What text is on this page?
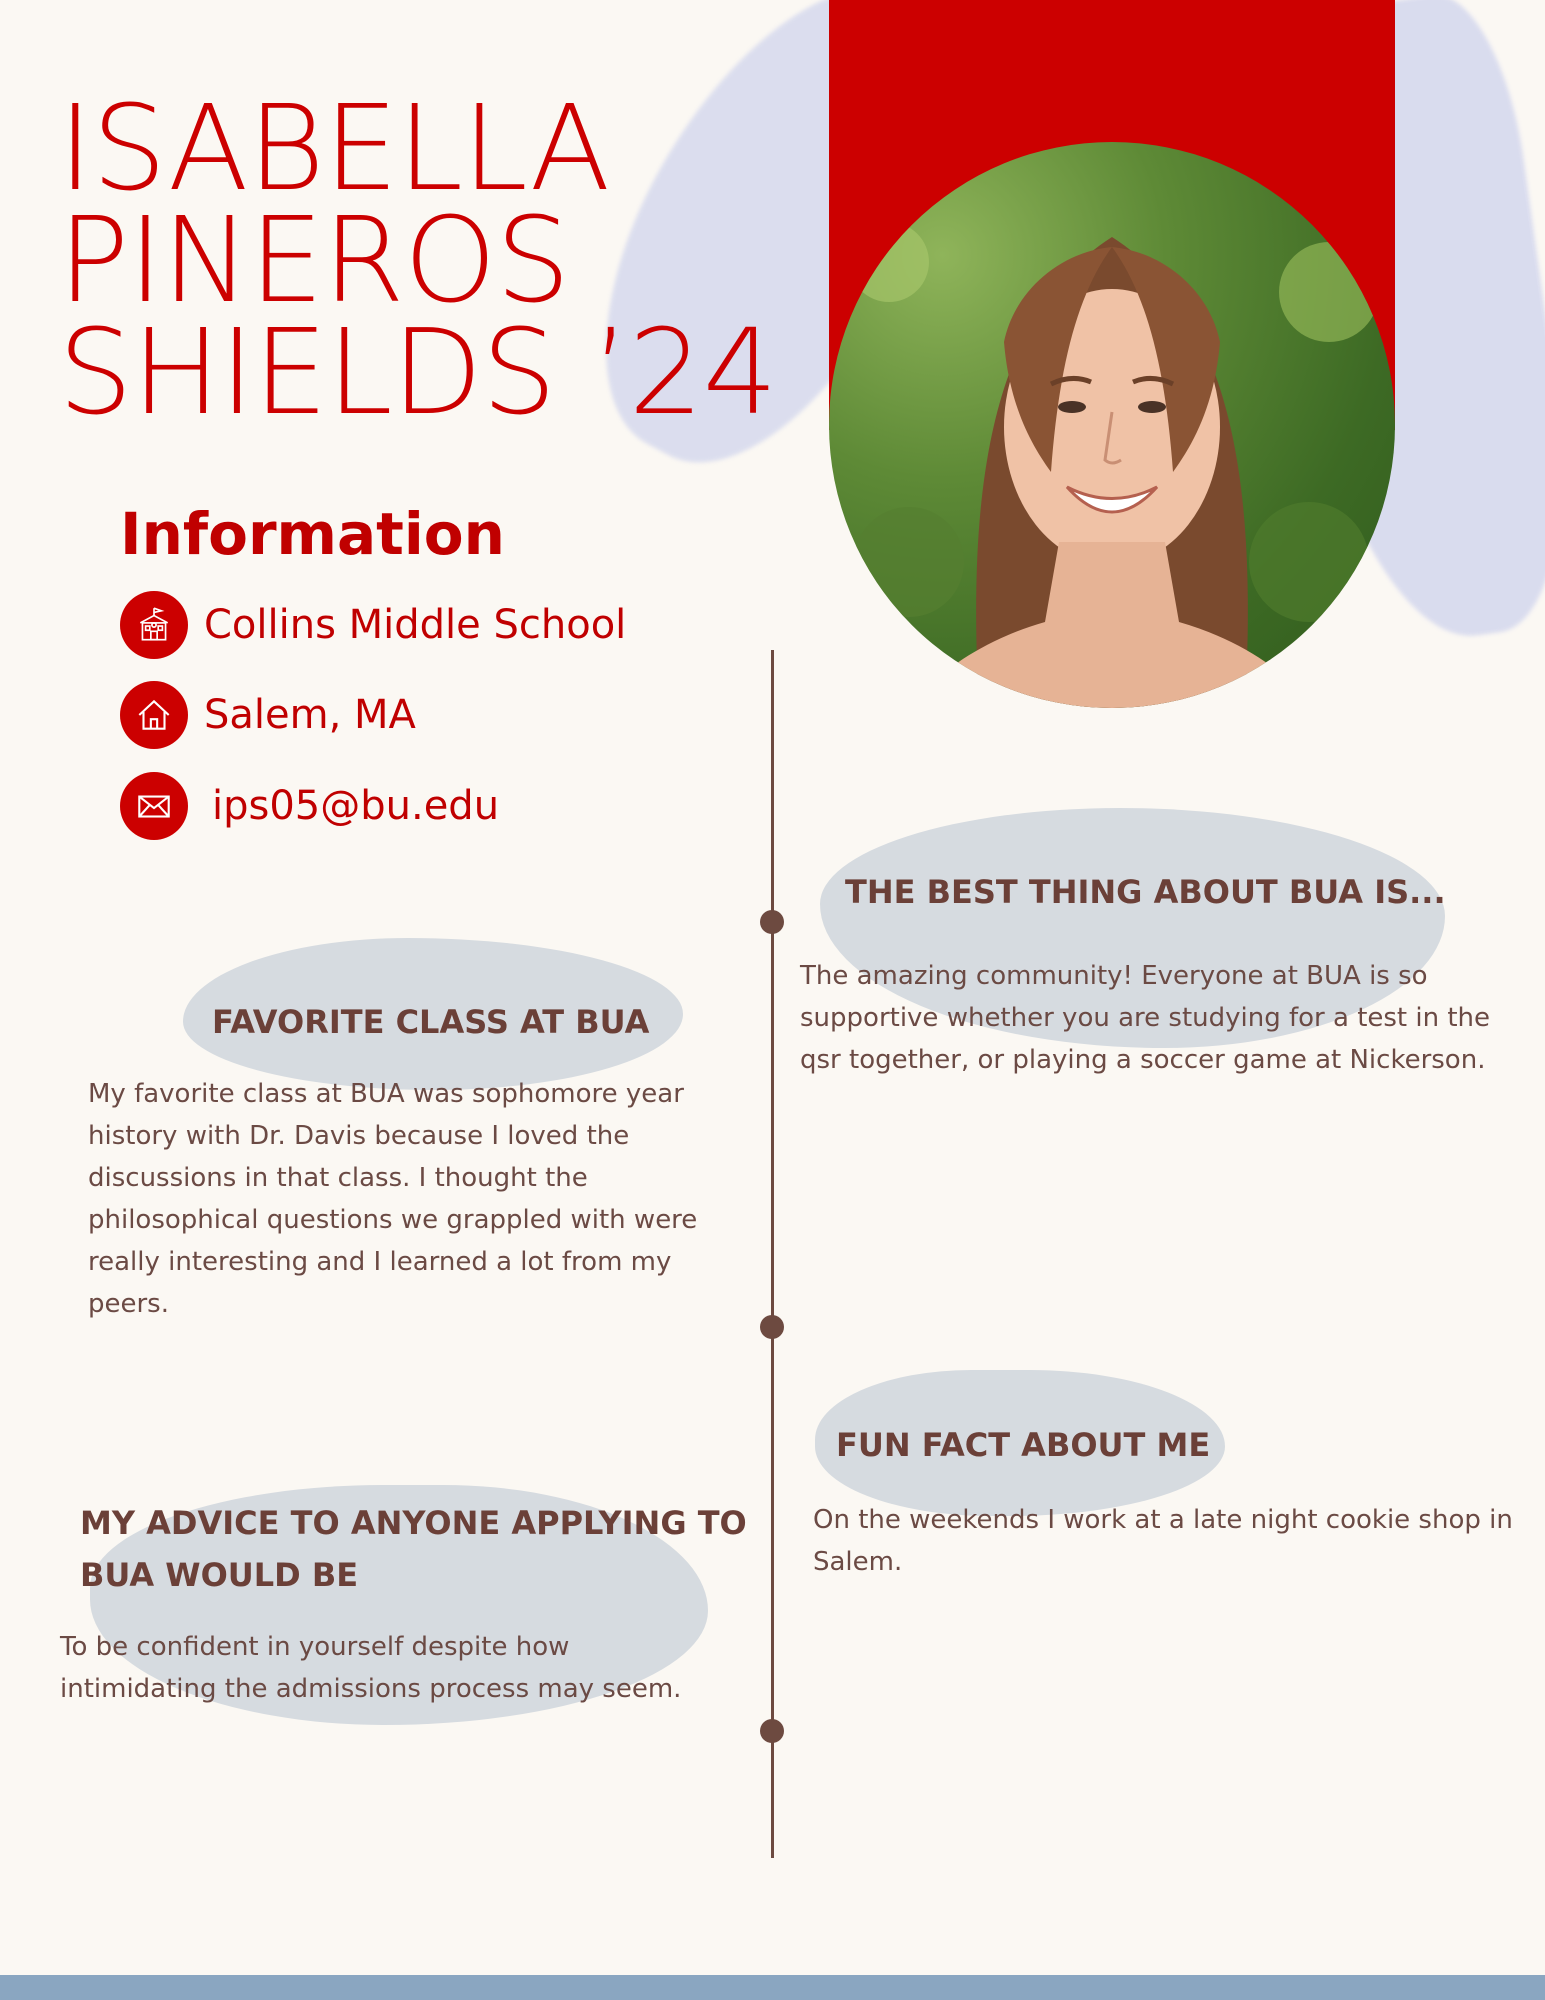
ISABELLA
PINEROS
SHIELDS ’24
Information
Collins Middle School
Salem, MA
ips05@bu.edu
THE BEST THING ABOUT BUA IS...

The amazing community! Everyone at BUA is so supportive whether you are studying for a test in the qsr together, or playing a soccer game at Nickerson.

FAVORITE CLASS AT BUA

My favorite class at BUA was sophomore year history with Dr. Davis because I loved the discussions in that class. I thought the philosophical questions we grappled with were really interesting and I learned a lot from my peers.

FUN FACT ABOUT ME

On the weekends I work at a late night cookie shop in Salem.

MY ADVICE TO ANYONE APPLYING TO BUA WOULD BE

To be confident in yourself despite how intimidating the admissions process may seem.
